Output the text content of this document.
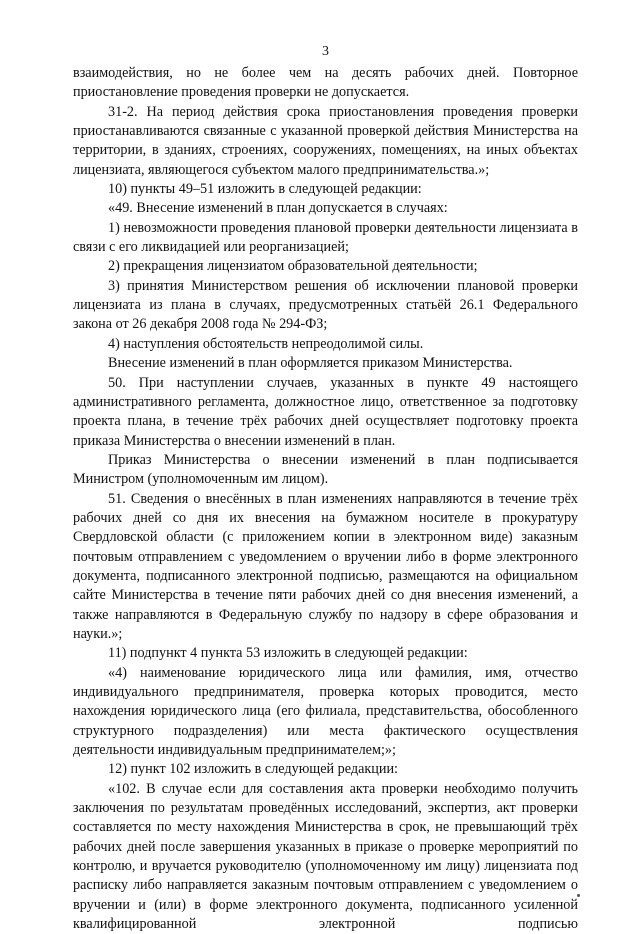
3

взаимодействия, но не более чем на десять рабочих дней. Повторное приостановление проведения проверки не допускается.

31-2. На период действия срока приостановления проведения проверки приостанавливаются связанные с указанной проверкой действия Министерства на территории, в зданиях, строениях, сооружениях, помещениях, на иных объектах лицензиата, являющегося субъектом малого предпринимательства.»;

10) пункты 49–51 изложить в следующей редакции:

«49. Внесение изменений в план допускается в случаях:

1) невозможности проведения плановой проверки деятельности лицензиата в связи с его ликвидацией или реорганизацией;

2) прекращения лицензиатом образовательной деятельности;

3) принятия Министерством решения об исключении плановой проверки лицензиата из плана в случаях, предусмотренных статьёй 26.1 Федерального закона от 26 декабря 2008 года № 294-ФЗ;

4) наступления обстоятельств непреодолимой силы.

Внесение изменений в план оформляется приказом Министерства.

50. При наступлении случаев, указанных в пункте 49 настоящего административного регламента, должностное лицо, ответственное за подготовку проекта плана, в течение трёх рабочих дней осуществляет подготовку проекта приказа Министерства о внесении изменений в план.

Приказ Министерства о внесении изменений в план подписывается Министром (уполномоченным им лицом).

51. Сведения о внесённых в план изменениях направляются в течение трёх рабочих дней со дня их внесения на бумажном носителе в прокуратуру Свердловской области (с приложением копии в электронном виде) заказным почтовым отправлением с уведомлением о вручении либо в форме электронного документа, подписанного электронной подписью, размещаются на официальном сайте Министерства в течение пяти рабочих дней со дня внесения изменений, а также направляются в Федеральную службу по надзору в сфере образования и науки.»;

11) подпункт 4 пункта 53 изложить в следующей редакции:

«4) наименование юридического лица или фамилия, имя, отчество индивидуального предпринимателя, проверка которых проводится, место нахождения юридического лица (его филиала, представительства, обособленного структурного подразделения) или места фактического осуществления деятельности индивидуальным предпринимателем;»;

12) пункт 102 изложить в следующей редакции:

«102. В случае если для составления акта проверки необходимо получить заключения по результатам проведённых исследований, экспертиз, акт проверки составляется по месту нахождения Министерства в срок, не превышающий трёх рабочих дней после завершения указанных в приказе о проверке мероприятий по контролю, и вручается руководителю (уполномоченному им лицу) лицензиата под расписку либо направляется заказным почтовым отправлением с уведомлением о вручении и (или) в форме электронного документа, подписанного усиленной квалифицированной электронной подписью
